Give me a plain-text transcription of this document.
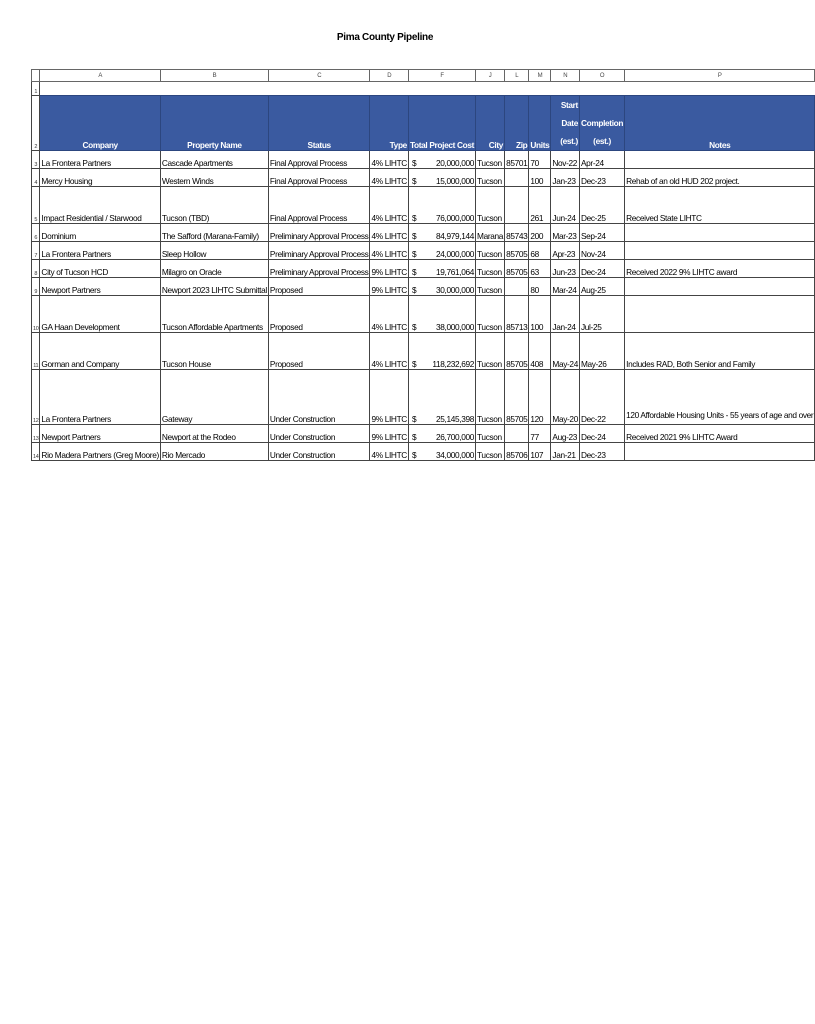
Pima County Pipeline
	A	B	C	D	F	J	L	M	N	O	P
1											
2	Company	Property Name	Status	Type	Total Project Cost	City	Zip	Units	Start Date (est.)	Completion (est.)	Notes
3	La Frontera Partners	Cascade Apartments	Final Approval Process	4% LIHTC	$ 20,000,000	Tucson	85701	70	Nov-22	Apr-24	
4	Mercy Housing	Western Winds	Final Approval Process	4% LIHTC	$ 15,000,000	Tucson		100	Jan-23	Dec-23	Rehab of an old HUD 202 project.
5	Impact Residential / Starwood	Tucson (TBD)	Final Approval Process	4% LIHTC	$ 76,000,000	Tucson		261	Jun-24	Dec-25	Received State LIHTC
6	Dominium	The Safford (Marana-Family)	Preliminary Approval Process	4% LIHTC	$ 84,979,144	Marana	85743	200	Mar-23	Sep-24	
7	La Frontera Partners	Sleep Hollow	Preliminary Approval Process	4% LIHTC	$ 24,000,000	Tucson	85705	68	Apr-23	Nov-24	
8	City of Tucson HCD	Milagro on Oracle	Preliminary Approval Process	9% LIHTC	$ 19,761,064	Tucson	85705	63	Jun-23	Dec-24	Received 2022 9% LIHTC award
9	Newport Partners	Newport 2023 LIHTC Submittal	Proposed	9% LIHTC	$ 30,000,000	Tucson		80	Mar-24	Aug-25	
10	GA Haan Development	Tucson Affordable Apartments	Proposed	4% LIHTC	$ 38,000,000	Tucson	85713	100	Jan-24	Jul-25	
11	Gorman and Company	Tucson House	Proposed	4% LIHTC	$ 118,232,692	Tucson	85705	408	May-24	May-26	Includes RAD, Both Senior and Family
12	La Frontera Partners	Gateway	Under Construction	9% LIHTC	$ 25,145,398	Tucson	85705	120	May-20	Dec-22	120 Affordable Housing Units - 55 years of age and over
13	Newport Partners	Newport at the Rodeo	Under Construction	9% LIHTC	$ 26,700,000	Tucson		77	Aug-23	Dec-24	Received 2021 9% LIHTC Award
14	Rio Madera Partners (Greg Moore)	Rio Mercado	Under Construction	4% LIHTC	$ 34,000,000	Tucson	85706	107	Jan-21	Dec-23	
